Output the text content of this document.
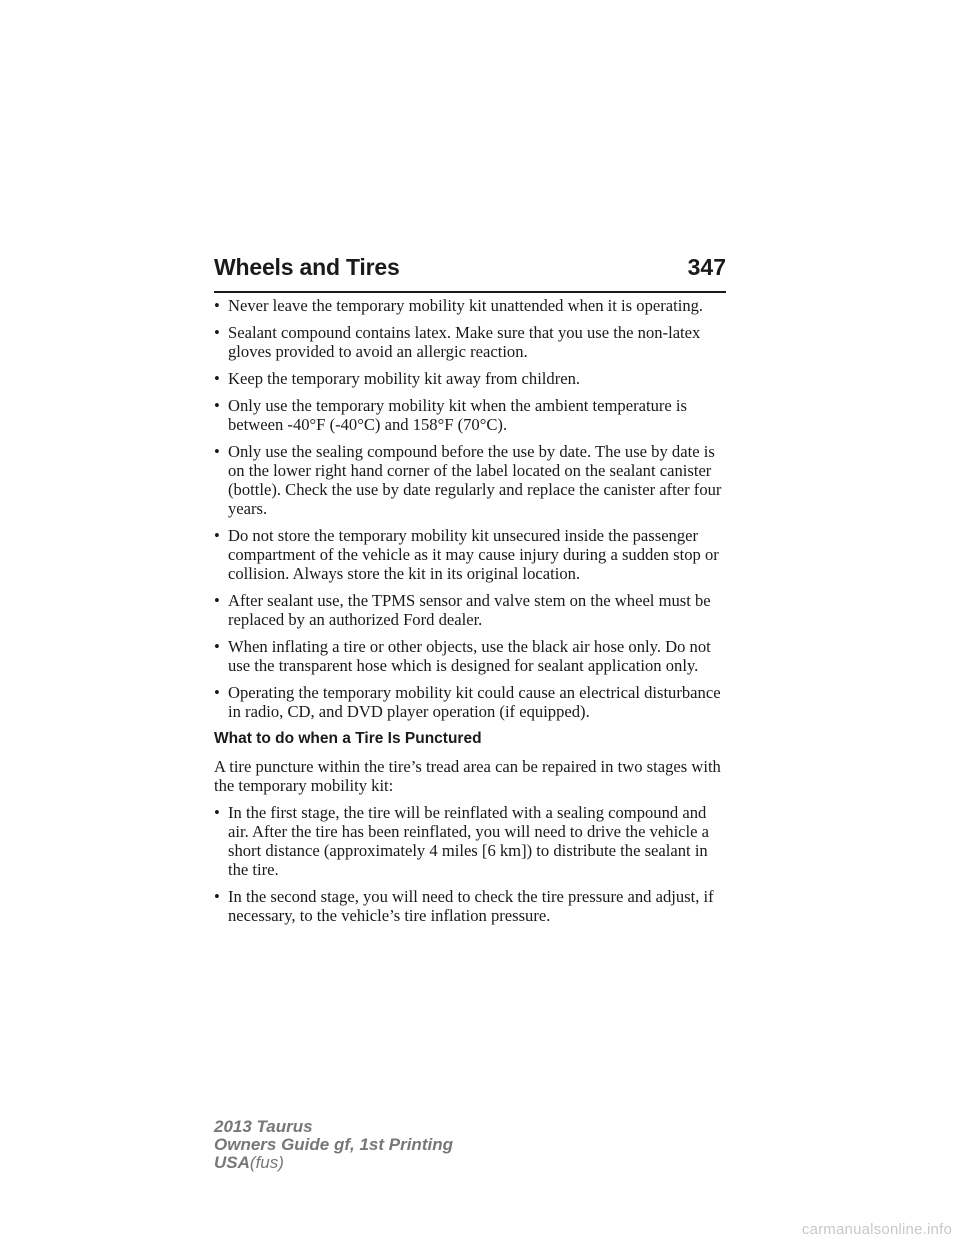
Wheels and Tires	347
• Never leave the temporary mobility kit unattended when it is operating.
• Sealant compound contains latex. Make sure that you use the non-latex gloves provided to avoid an allergic reaction.
• Keep the temporary mobility kit away from children.
• Only use the temporary mobility kit when the ambient temperature is between -40°F (-40°C) and 158°F (70°C).
• Only use the sealing compound before the use by date. The use by date is on the lower right hand corner of the label located on the sealant canister (bottle). Check the use by date regularly and replace the canister after four years.
• Do not store the temporary mobility kit unsecured inside the passenger compartment of the vehicle as it may cause injury during a sudden stop or collision. Always store the kit in its original location.
• After sealant use, the TPMS sensor and valve stem on the wheel must be replaced by an authorized Ford dealer.
• When inflating a tire or other objects, use the black air hose only. Do not use the transparent hose which is designed for sealant application only.
• Operating the temporary mobility kit could cause an electrical disturbance in radio, CD, and DVD player operation (if equipped).
What to do when a Tire Is Punctured
A tire puncture within the tire’s tread area can be repaired in two stages with the temporary mobility kit:
• In the first stage, the tire will be reinflated with a sealing compound and air. After the tire has been reinflated, you will need to drive the vehicle a short distance (approximately 4 miles [6 km]) to distribute the sealant in the tire.
• In the second stage, you will need to check the tire pressure and adjust, if necessary, to the vehicle’s tire inflation pressure.
2013 Taurus
Owners Guide gf, 1st Printing
USA(fus)
carmanualsonline.info
